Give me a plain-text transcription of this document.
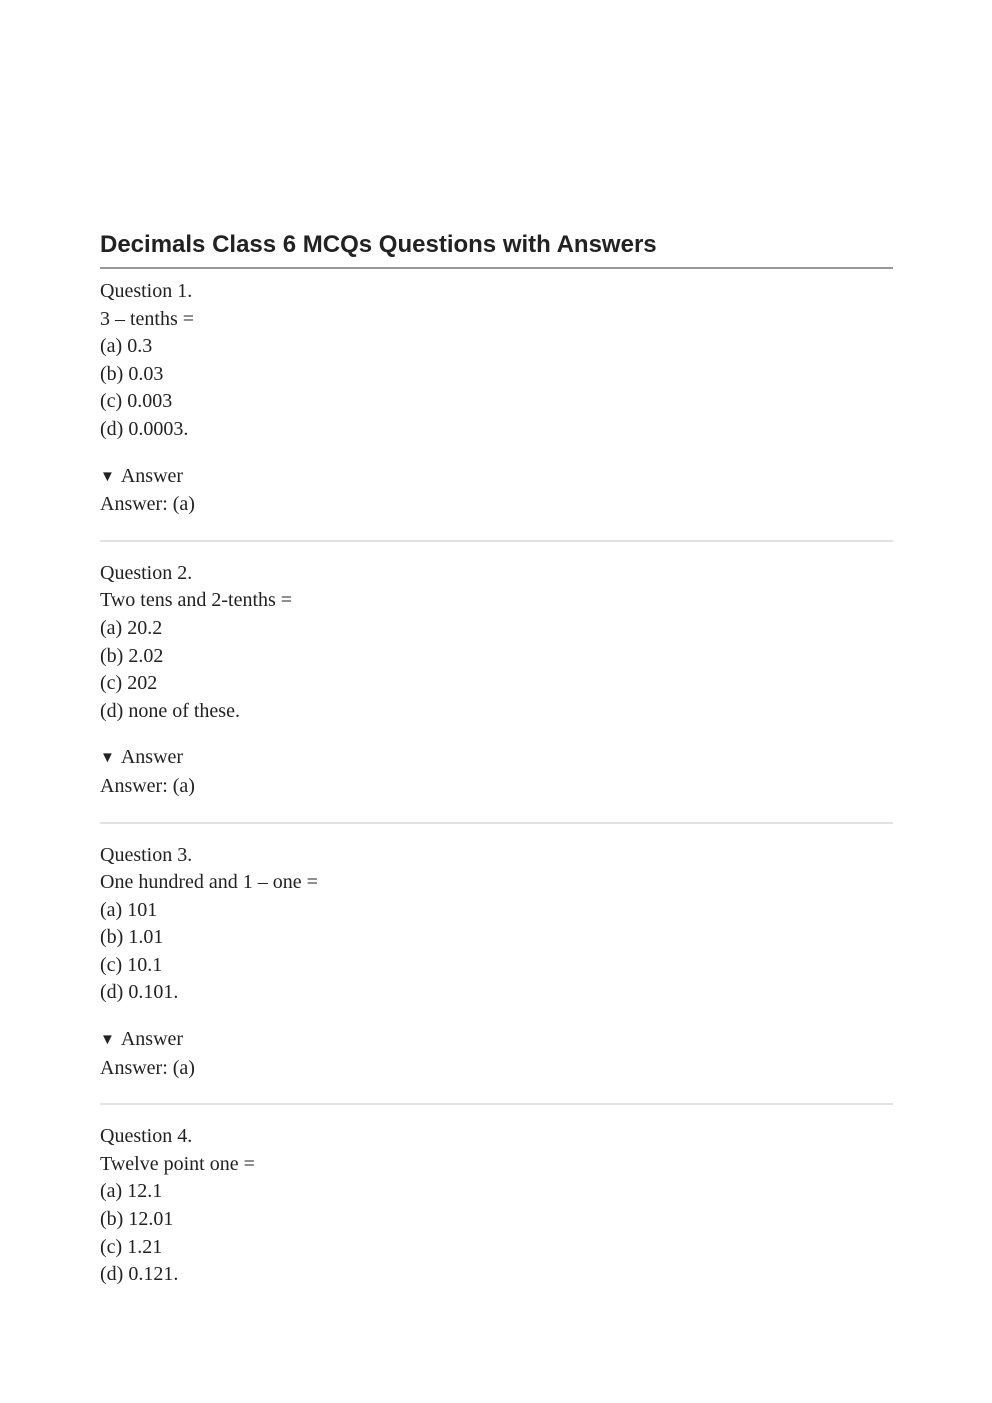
Decimals Class 6 MCQs Questions with Answers
Question 1.
3 – tenths =
(a) 0.3
(b) 0.03
(c) 0.003
(d) 0.0003.
▼ Answer
Answer: (a)
Question 2.
Two tens and 2-tenths =
(a) 20.2
(b) 2.02
(c) 202
(d) none of these.
▼ Answer
Answer: (a)
Question 3.
One hundred and 1 – one =
(a) 101
(b) 1.01
(c) 10.1
(d) 0.101.
▼ Answer
Answer: (a)
Question 4.
Twelve point one =
(a) 12.1
(b) 12.01
(c) 1.21
(d) 0.121.
